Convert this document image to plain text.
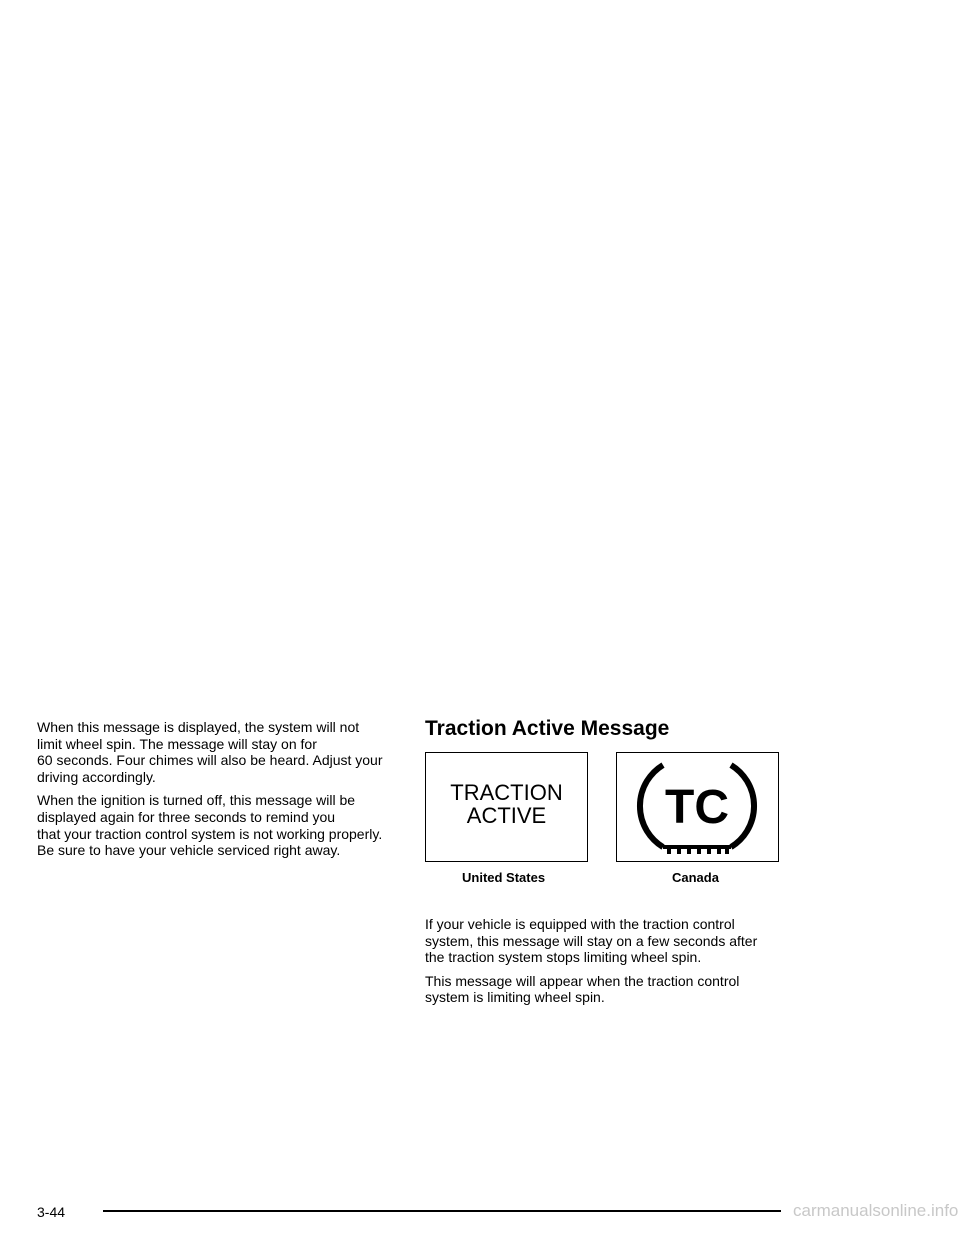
When this message is displayed, the system will not
limit wheel spin. The message will stay on for
60 seconds. Four chimes will also be heard. Adjust your
driving accordingly.

When the ignition is turned off, this message will be
displayed again for three seconds to remind you
that your traction control system is not working properly.
Be sure to have your vehicle serviced right away.

Traction Active Message
TRACTION
ACTIVE	TC
United States	Canada

If your vehicle is equipped with the traction control
system, this message will stay on a few seconds after
the traction system stops limiting wheel spin.

This message will appear when the traction control
system is limiting wheel spin.

3-44	carmanualsonline.info
